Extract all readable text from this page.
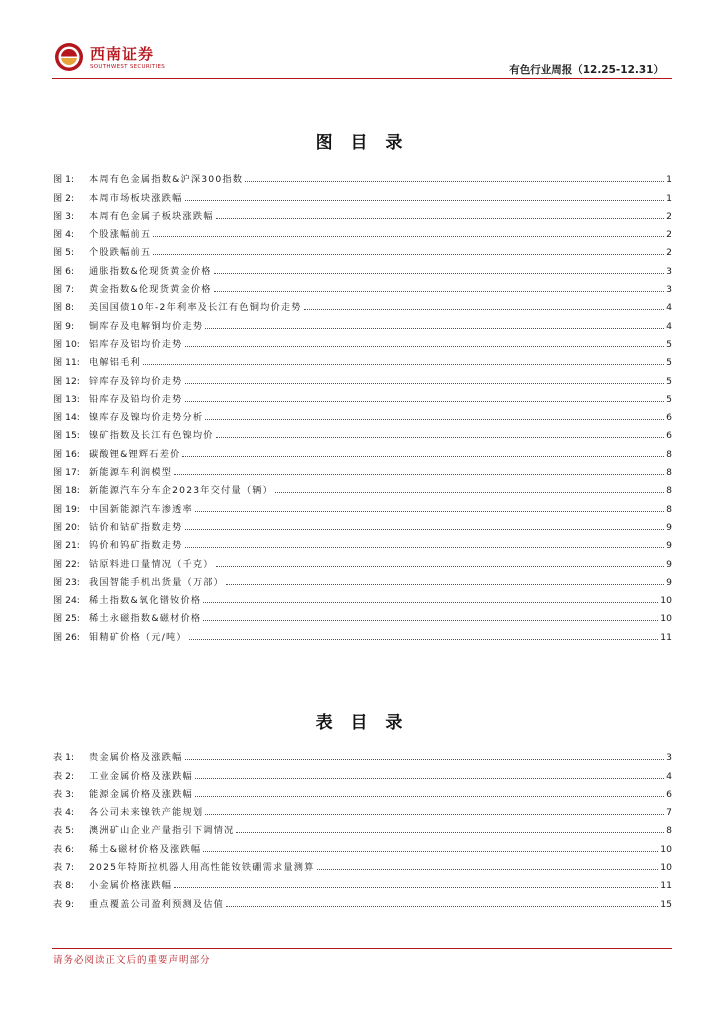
西南证券
SOUTHWEST SECURITIES	有色行业周报（12.25-12.31）
图 目 录
图 1:	本周有色金属指数&沪深300指数	1
图 2:	本周市场板块涨跌幅	1
图 3:	本周有色金属子板块涨跌幅	2
图 4:	个股涨幅前五	2
图 5:	个股跌幅前五	2
图 6:	通胀指数&伦现货黄金价格	3
图 7:	黄金指数&伦现货黄金价格	3
图 8:	美国国债10年-2年利率及长江有色铜均价走势	4
图 9:	铜库存及电解铜均价走势	4
图 10: 铝库存及铝均价走势	5
图 11: 电解铝毛利	5
图 12: 锌库存及锌均价走势	5
图 13: 铅库存及铅均价走势	5
图 14: 镍库存及镍均价走势分析	6
图 15: 镍矿指数及长江有色镍均价	6
图 16: 碳酸锂&锂辉石差价	8
图 17: 新能源车利润模型	8
图 18: 新能源汽车分车企2023年交付量（辆）	8
图 19: 中国新能源汽车渗透率	8
图 20: 钴价和钴矿指数走势	9
图 21: 钨价和钨矿指数走势	9
图 22: 钴原料进口量情况（千克）	9
图 23: 我国智能手机出货量（万部）	9
图 24: 稀土指数&氧化镨钕价格	10
图 25: 稀土永磁指数&磁材价格	10
图 26: 钼精矿价格（元/吨）	11
表 目 录
表 1:	贵金属价格及涨跌幅	3
表 2:	工业金属价格及涨跌幅	4
表 3:	能源金属价格及涨跌幅	6
表 4:	各公司未来镍铁产能规划	7
表 5:	澳洲矿山企业产量指引下调情况	8
表 6:	稀土&磁材价格及涨跌幅	10
表 7:	2025年特斯拉机器人用高性能钕铁硼需求量测算	10
表 8:	小金属价格涨跌幅	11
表 9:	重点覆盖公司盈利预测及估值	15
请务必阅读正文后的重要声明部分
